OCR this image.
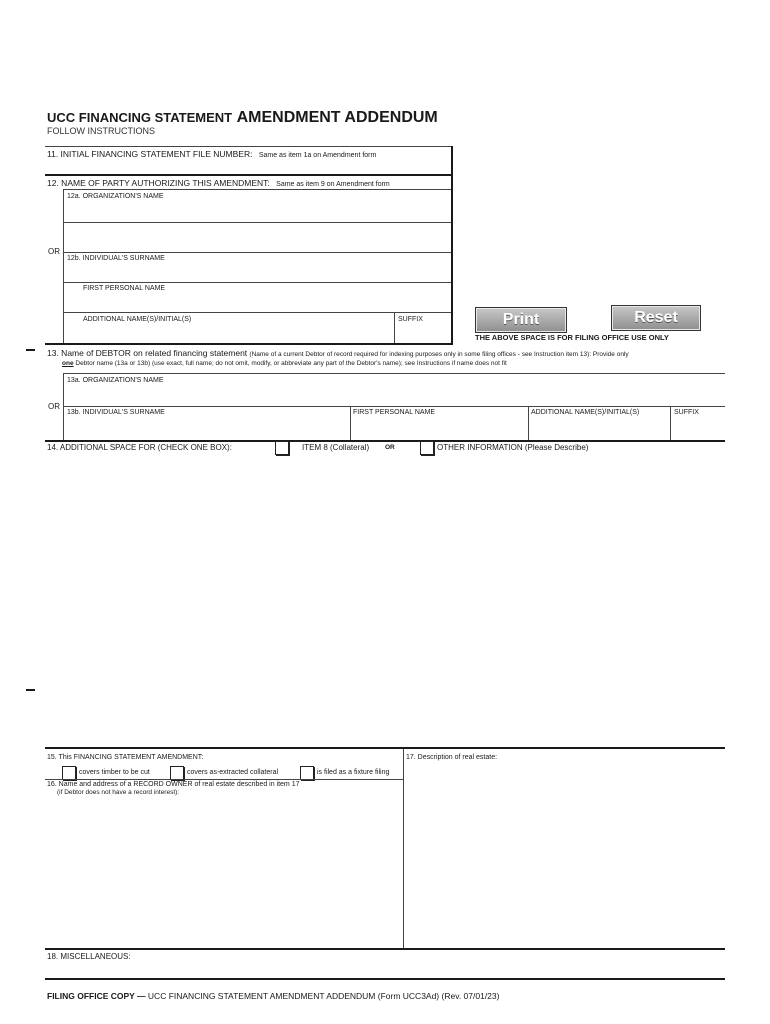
UCC FINANCING STATEMENT AMENDMENT ADDENDUM
FOLLOW INSTRUCTIONS
11. INITIAL FINANCING STATEMENT FILE NUMBER: Same as item 1a on Amendment form
12. NAME OF PARTY AUTHORIZING THIS AMENDMENT: Same as item 9 on Amendment form
12a. ORGANIZATION'S NAME
OR
12b. INDIVIDUAL'S SURNAME
FIRST PERSONAL NAME
ADDITIONAL NAME(S)/INITIAL(S)	SUFFIX	Print	Reset
THE ABOVE SPACE IS FOR FILING OFFICE USE ONLY
13. Name of DEBTOR on related financing statement (Name of a current Debtor of record required for indexing purposes only in some filing offices - see Instruction item 13): Provide only
one Debtor name (13a or 13b) (use exact, full name; do not omit, modify, or abbreviate any part of the Debtor's name); see Instructions if name does not fit
13a. ORGANIZATION'S NAME
OR
13b. INDIVIDUAL'S SURNAME	FIRST PERSONAL NAME	ADDITIONAL NAME(S)/INITIAL(S)	SUFFIX
14. ADDITIONAL SPACE FOR (CHECK ONE BOX):	ITEM 8 (Collateral) OR	OTHER INFORMATION (Please Describe)
15. This FINANCING STATEMENT AMENDMENT:
covers timber to be cut	covers as-extracted collateral	is filed as a fixture filing
16. Name and address of a RECORD OWNER of real estate described in item 17
(if Debtor does not have a record interest):
17. Description of real estate:
18. MISCELLANEOUS:
FILING OFFICE COPY — UCC FINANCING STATEMENT AMENDMENT ADDENDUM (Form UCC3Ad) (Rev. 07/01/23)
